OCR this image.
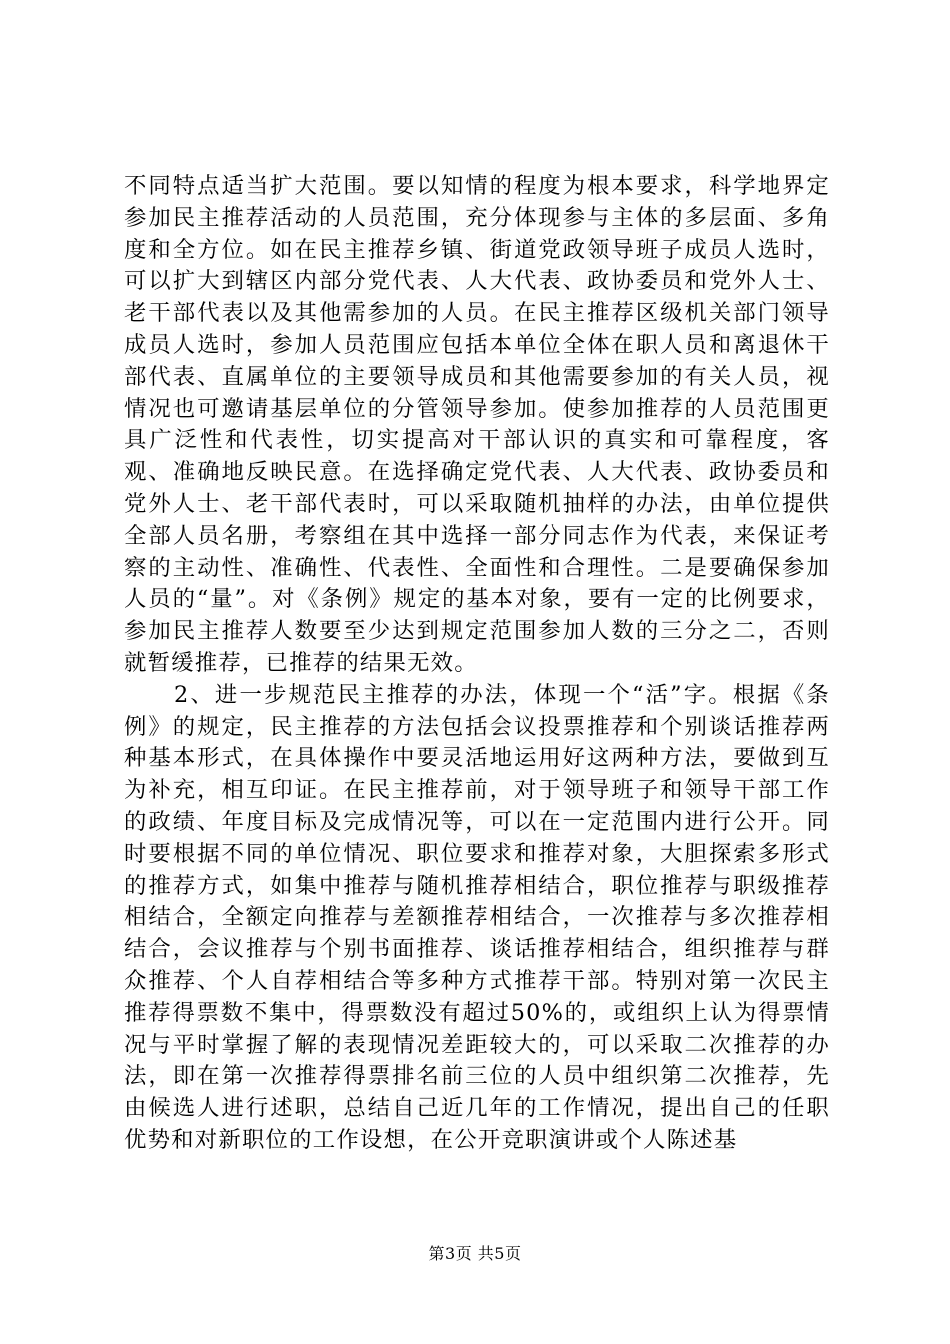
不同特点适当扩大范围。要以知情的程度为根本要求，科学地界定参加民主推荐活动的人员范围，充分体现参与主体的多层面、多角度和全方位。如在民主推荐乡镇、街道党政领导班子成员人选时，可以扩大到辖区内部分党代表、人大代表、政协委员和党外人士、老干部代表以及其他需参加的人员。在民主推荐区级机关部门领导成员人选时，参加人员范围应包括本单位全体在职人员和离退休干部代表、直属单位的主要领导成员和其他需要参加的有关人员，视情况也可邀请基层单位的分管领导参加。使参加推荐的人员范围更具广泛性和代表性，切实提高对干部认识的真实和可靠程度，客观、准确地反映民意。在选择确定党代表、人大代表、政协委员和党外人士、老干部代表时，可以采取随机抽样的办法，由单位提供全部人员名册，考察组在其中选择一部分同志作为代表，来保证考察的主动性、准确性、代表性、全面性和合理性。二是要确保参加人员的“量”。对《条例》规定的基本对象，要有一定的比例要求，参加民主推荐人数要至少达到规定范围参加人数的三分之二，否则就暂缓推荐，已推荐的结果无效。

2、进一步规范民主推荐的办法，体现一个“活”字。根据《条例》的规定，民主推荐的方法包括会议投票推荐和个别谈话推荐两种基本形式，在具体操作中要灵活地运用好这两种方法，要做到互为补充，相互印证。在民主推荐前，对于领导班子和领导干部工作的政绩、年度目标及完成情况等，可以在一定范围内进行公开。同时要根据不同的单位情况、职位要求和推荐对象，大胆探索多形式的推荐方式，如集中推荐与随机推荐相结合，职位推荐与职级推荐相结合，全额定向推荐与差额推荐相结合，一次推荐与多次推荐相结合，会议推荐与个别书面推荐、谈话推荐相结合，组织推荐与群众推荐、个人自荐相结合等多种方式推荐干部。特别对第一次民主推荐得票数不集中，得票数没有超过50%的，或组织上认为得票情况与平时掌握了解的表现情况差距较大的，可以采取二次推荐的办法，即在第一次推荐得票排名前三位的人员中组织第二次推荐，先由候选人进行述职，总结自己近几年的工作情况，提出自己的任职优势和对新职位的工作设想，在公开竞职演讲或个人陈述基

第3页 共5页
